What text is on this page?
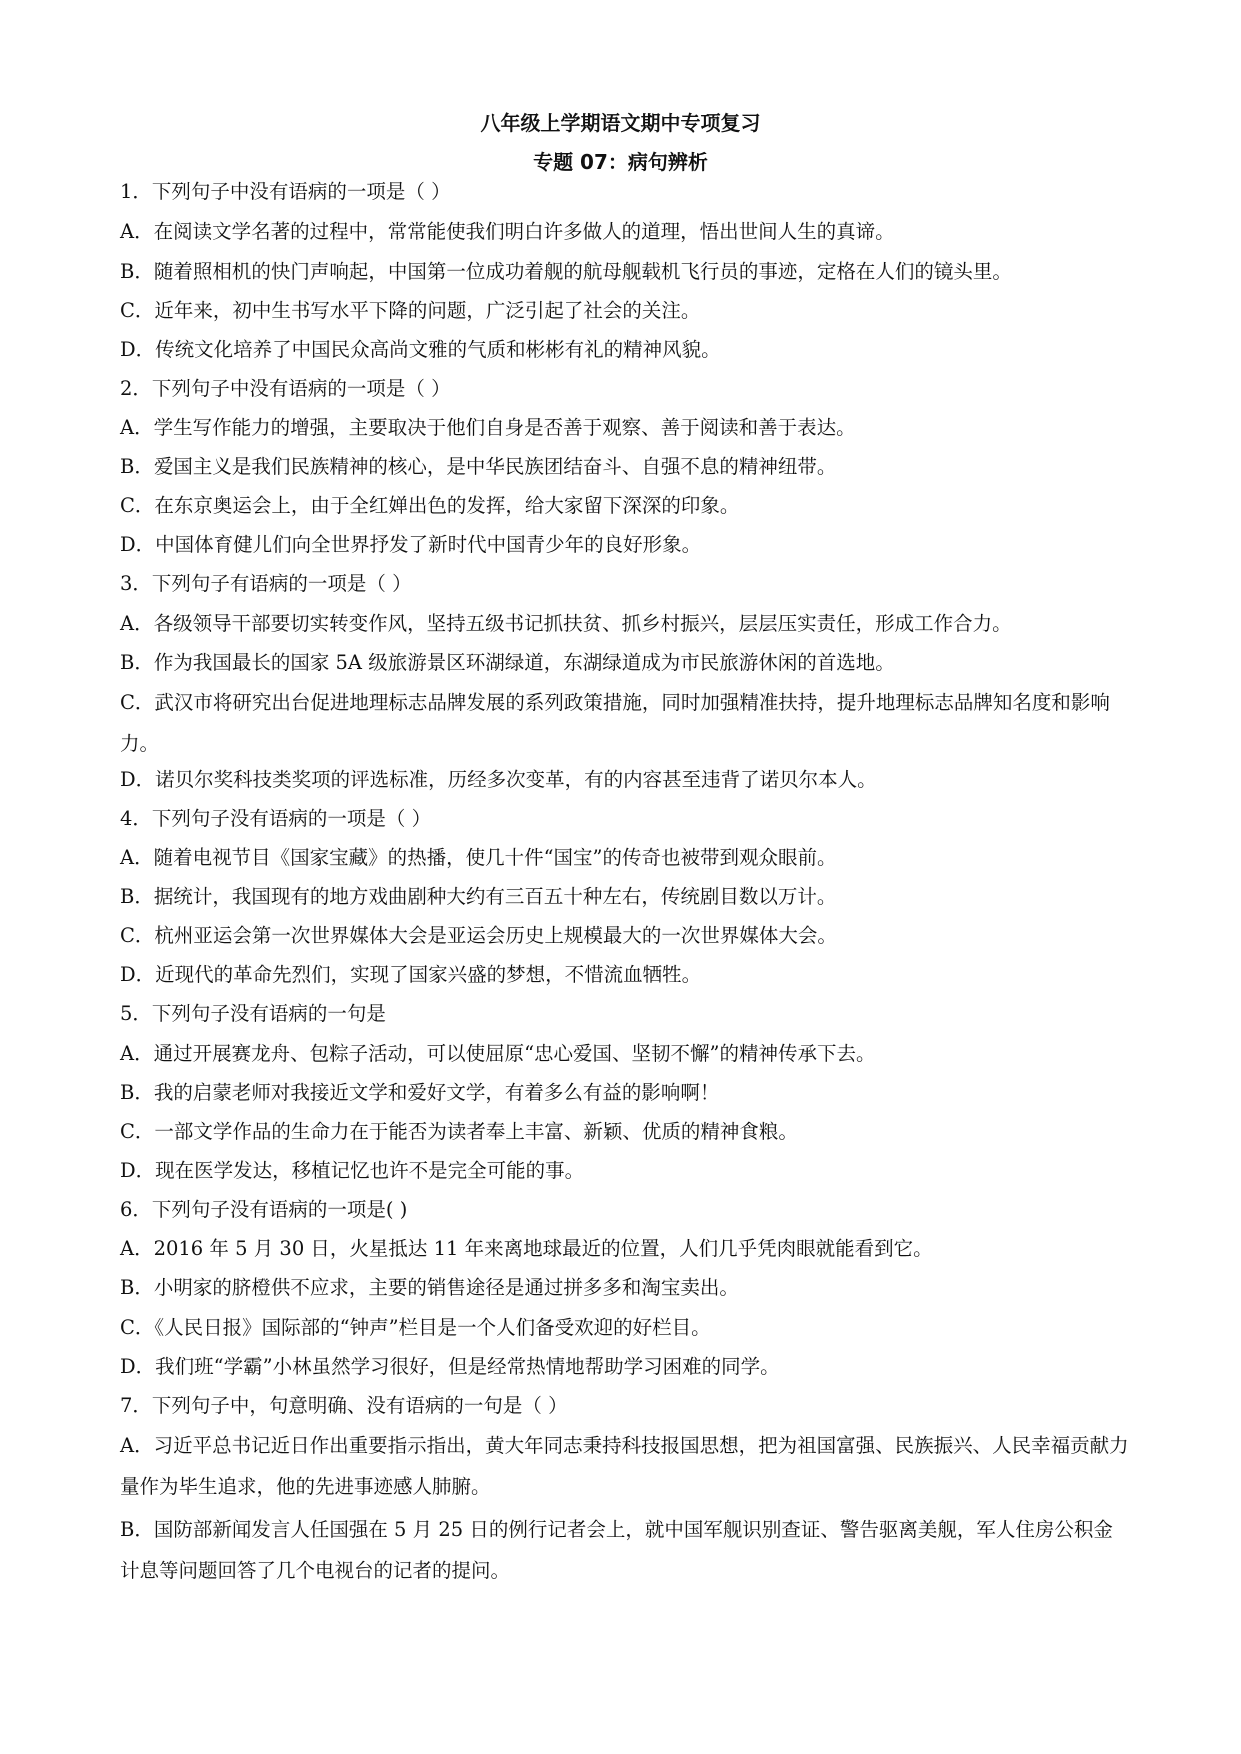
八年级上学期语文期中专项复习
专题 07：病句辨析
1．下列句子中没有语病的一项是（ ）
A．在阅读文学名著的过程中，常常能使我们明白许多做人的道理，悟出世间人生的真谛。
B．随着照相机的快门声响起，中国第一位成功着舰的航母舰载机飞行员的事迹，定格在人们的镜头里。
C．近年来，初中生书写水平下降的问题，广泛引起了社会的关注。
D．传统文化培养了中国民众高尚文雅的气质和彬彬有礼的精神风貌。
2．下列句子中没有语病的一项是（ ）
A．学生写作能力的增强，主要取决于他们自身是否善于观察、善于阅读和善于表达。
B．爱国主义是我们民族精神的核心，是中华民族团结奋斗、自强不息的精神纽带。
C．在东京奥运会上，由于全红婵出色的发挥，给大家留下深深的印象。
D．中国体育健儿们向全世界抒发了新时代中国青少年的良好形象。
3．下列句子有语病的一项是（ ）
A．各级领导干部要切实转变作风，坚持五级书记抓扶贫、抓乡村振兴，层层压实责任，形成工作合力。
B．作为我国最长的国家 5A 级旅游景区环湖绿道，东湖绿道成为市民旅游休闲的首选地。
C．武汉市将研究出台促进地理标志品牌发展的系列政策措施，同时加强精准扶持，提升地理标志品牌知名度和影响力。
D．诺贝尔奖科技类奖项的评选标准，历经多次变革，有的内容甚至违背了诺贝尔本人。
4．下列句子没有语病的一项是（ ）
A．随着电视节目《国家宝藏》的热播，使几十件“国宝”的传奇也被带到观众眼前。
B．据统计，我国现有的地方戏曲剧种大约有三百五十种左右，传统剧目数以万计。
C．杭州亚运会第一次世界媒体大会是亚运会历史上规模最大的一次世界媒体大会。
D．近现代的革命先烈们，实现了国家兴盛的梦想，不惜流血牺牲。
5．下列句子没有语病的一句是
A．通过开展赛龙舟、包粽子活动，可以使屈原“忠心爱国、坚韧不懈”的精神传承下去。
B．我的启蒙老师对我接近文学和爱好文学，有着多么有益的影响啊！
C．一部文学作品的生命力在于能否为读者奉上丰富、新颖、优质的精神食粮。
D．现在医学发达，移植记忆也许不是完全可能的事。
6．下列句子没有语病的一项是( )
A．2016 年 5 月 30 日，火星抵达 11 年来离地球最近的位置，人们几乎凭肉眼就能看到它。
B．小明家的脐橙供不应求，主要的销售途径是通过拼多多和淘宝卖出。
C．《人民日报》国际部的“钟声”栏目是一个人们备受欢迎的好栏目。
D．我们班“学霸”小林虽然学习很好，但是经常热情地帮助学习困难的同学。
7．下列句子中，句意明确、没有语病的一句是（ ）
A．习近平总书记近日作出重要指示指出，黄大年同志秉持科技报国思想，把为祖国富强、民族振兴、人民幸福贡献力量作为毕生追求，他的先进事迹感人肺腑。
B．国防部新闻发言人任国强在 5 月 25 日的例行记者会上，就中国军舰识别查证、警告驱离美舰，军人住房公积金计息等问题回答了几个电视台的记者的提问。
